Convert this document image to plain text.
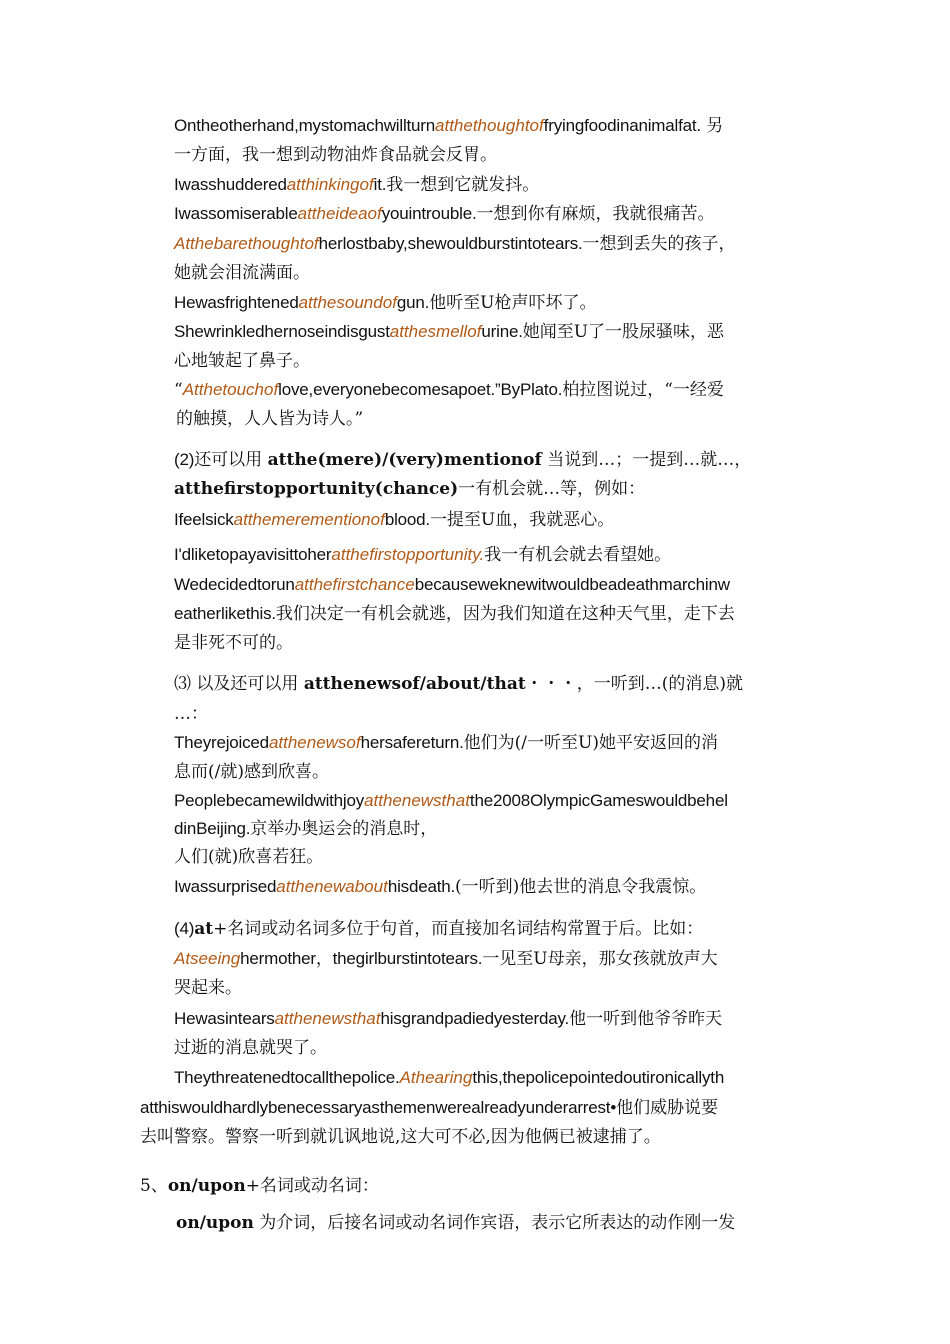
Ontheotherhand,mystomachwillturnatthethoughtoffryingfoodinanimalfat. 另
一方面，我一想到动物油炸食品就会反胃。
Iwasshudderedatthinkingofit.我一想到它就发抖。
Iwassomiserableattheideaofyouintrouble.一想到你有麻烦，我就很痛苦。
Atthebarethoughtofherlostbaby,shewouldburstintotears.一想到丢失的孩子，
她就会泪流满面。
Hewasfrightenedatthesoundofgun.他听至U枪声吓坏了。
Shewrinkledhernoseindisgustatthesmellofurine.她闻至U了一股尿骚味，恶
心地皱起了鼻子。
“Atthetouchoflove,everyonebecomesapoet.”ByPlato.柏拉图说过，“一经爱
的触摸，人人皆为诗人。”
(2)还可以用 atthe(mere)/(very)mentionof 当说到…；一提到…就…，
atthefirstopportunity(chance)一有机会就…等，例如：
Ifeelsickatthemerementionofblood.一提至U血，我就恶心。
I'dliketopayavisittoheratthefirstopportunity.我一有机会就去看望她。
Wedecidedtorunatthefirstchancebecauseweknewitwouldbeadeathmarchinw
eatherlikethis.我们决定一有机会就逃，因为我们知道在这种天气里，走下去
是非死不可的。
⑶ 以及还可以用 atthenewsof/about/that・・・，一听到…(的消息)就
…：
Theyrejoicedatthenewsofhersafereturn.他们为(/一听至U)她平安返回的消
息而(/就)感到欣喜。
Peoplebecamewildwithjoyatthenewsthatthe2008OlympicGameswouldbehel
dinBeijing.京举办奥运会的消息时，
人们(就)欣喜若狂。
Iwassurprisedatthenewabouthisdeath.(一听到)他去世的消息令我震惊。
(4)at+名词或动名词多位于句首，而直接加名词结构常置于后。比如：
Atseeinghermother，thegirlburstintotears.一见至U母亲，那女孩就放声大
哭起来。
Hewasintearsatthenewsthathisgrandpadiedyesterday.他一听到他爷爷昨天
过逝的消息就哭了。
Theythreatenedtocallthepolice.Athearingthis,thepolicepointedoutironicallyth
atthiswouldhardlybenecessaryasthemenwerealreadyunderarrest•他们威胁说要
去叫警察。警察一听到就讥讽地说,这大可不必,因为他俩已被逮捕了。
5、on/upon+名词或动名词：
on/upon 为介词，后接名词或动名词作宾语，表示它所表达的动作刚一发
